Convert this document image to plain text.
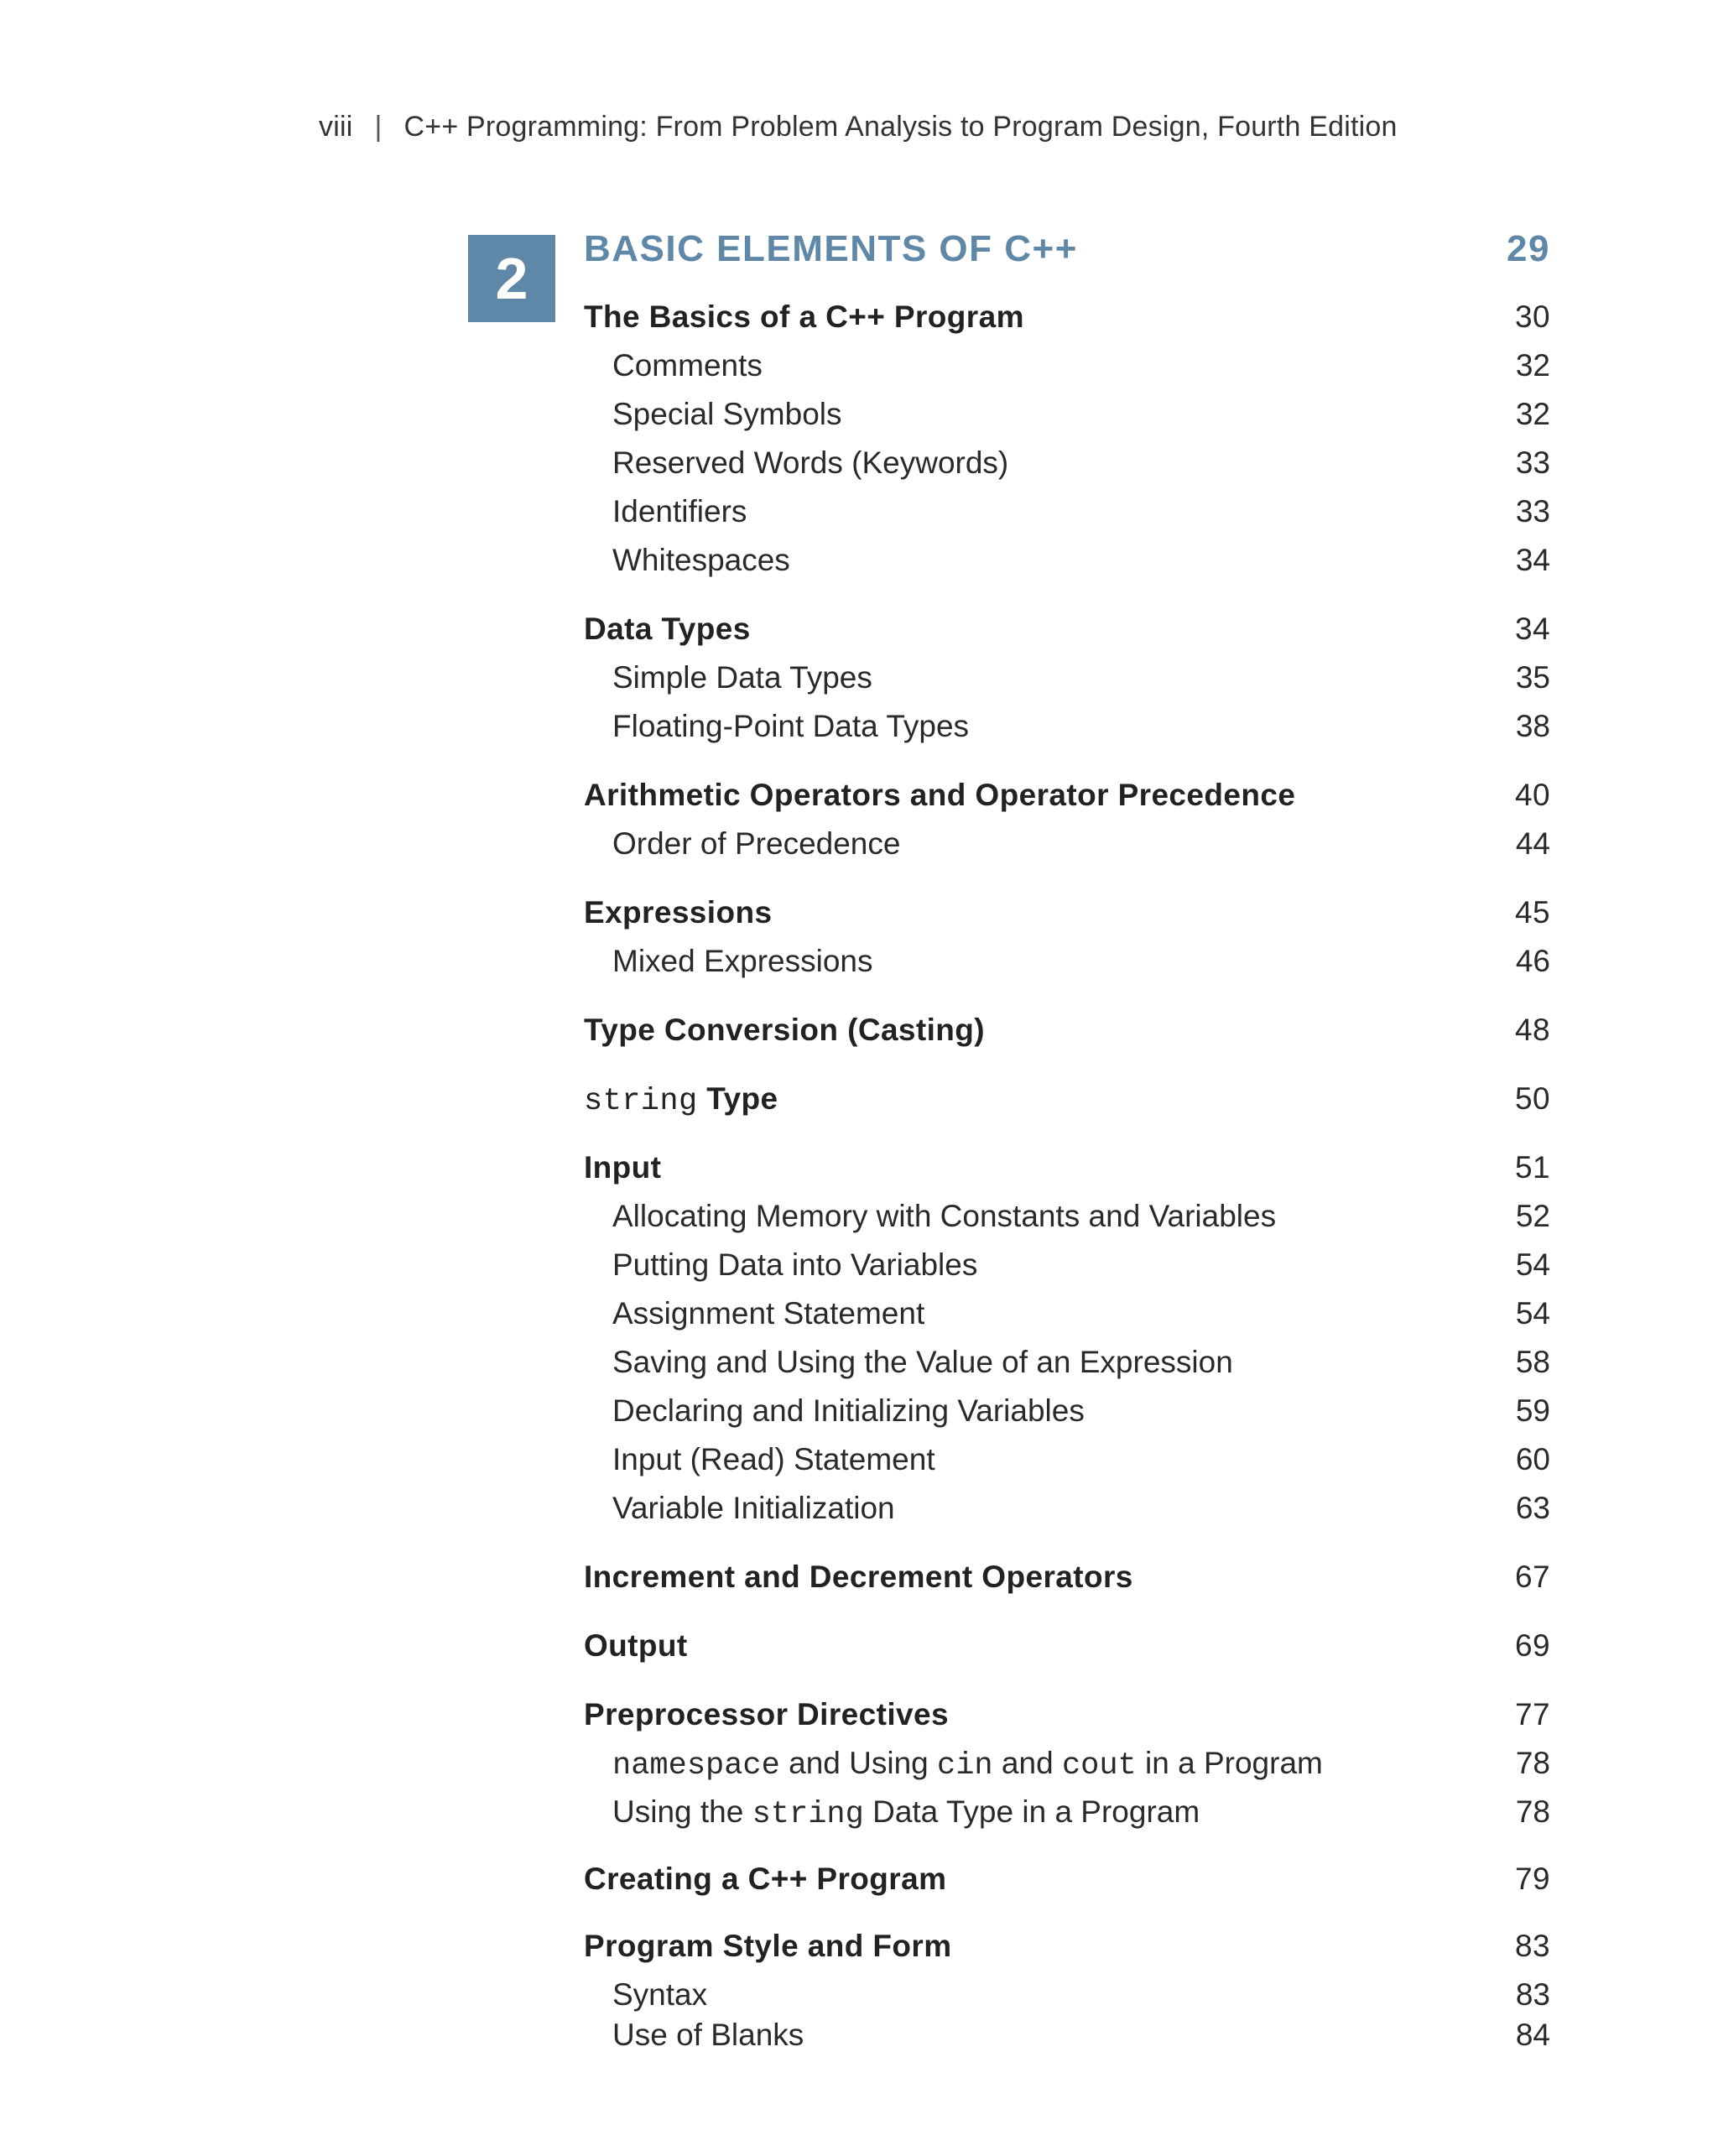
viii | C++ Programming: From Problem Analysis to Program Design, Fourth Edition
2 BASIC ELEMENTS OF C++	29
The Basics of a C++ Program	30
Comments	32
Special Symbols	32
Reserved Words (Keywords)	33
Identifiers	33
Whitespaces	34
Data Types	34
Simple Data Types	35
Floating-Point Data Types	38
Arithmetic Operators and Operator Precedence	40
Order of Precedence	44
Expressions	45
Mixed Expressions	46
Type Conversion (Casting)	48
string Type	50
Input	51
Allocating Memory with Constants and Variables	52
Putting Data into Variables	54
Assignment Statement	54
Saving and Using the Value of an Expression	58
Declaring and Initializing Variables	59
Input (Read) Statement	60
Variable Initialization	63
Increment and Decrement Operators	67
Output	69
Preprocessor Directives	77
namespace and Using cin and cout in a Program	78
Using the string Data Type in a Program	78
Creating a C++ Program	79
Program Style and Form	83
Syntax	83
Use of Blanks	84
